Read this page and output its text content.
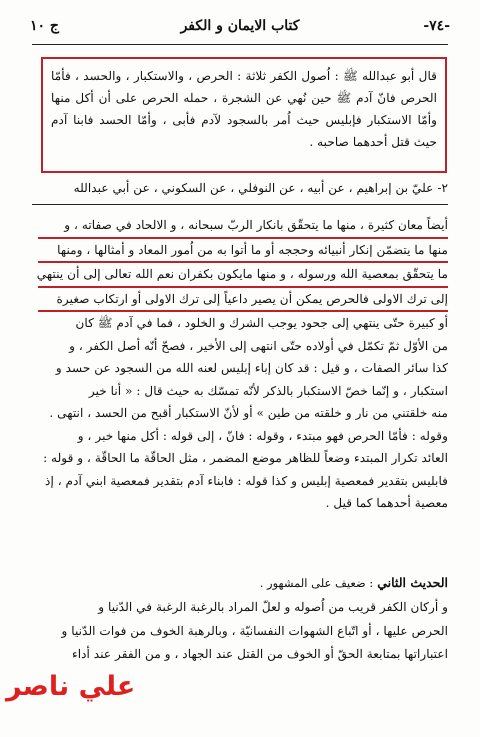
-٧٤-
كتاب الايمان و الكفر
ج ١٠
قال أبو عبدالله ﷺ : اُصول الكفر ثلاثة : الحرص ، والاستكبار ، والحسد ، فأمّا الحرص فانّ آدم ﷺ حين نُهي عن الشجرة ، حمله الحرص على أن أكل منها وأمّا الاستكبار فإبليس حيث اُمر بالسجود لآدم فأبى ، وأمّا الحسد فابنا آدم حيث قتل أحدهما صاحبه .
٢- عليّ بن إبراهيم ، عن أبيه ، عن النوفلي ، عن السكوني ، عن أبي عبدالله

أيضاً معان كثيرة ، منها ما يتحقّق بانكار الربّ سبحانه ، و الالحاد في صفاته ، و

منها ما يتضمّن إنكار أنبيائه وحججه أو ما أتوا به من اُمور المعاد و أمثالها ، ومنها

ما يتحقّق بمعصية الله ورسوله ، و منها مايكون بكفران نعم الله تعالى إلى أن ينتهي

إلى ترك الاولى فالحرص يمكن أن يصير داعياً إلى ترك الاولى أو ارتكاب صغيرة

أو كبيرة حتّى ينتهي إلى جحود يوجب الشرك و الخلود ، فما في آدم ﷺ كان

من الأوّل ثمّ تكمّل في أولاده حتّى انتهى إلى الأخير ، فصحّ أنّه أصل الكفر ، و

كذا سائر الصفات ، و قيل : قد كان إباء إبليس لعنه الله من السجود عن حسد و

استكبار ، و إنّما خصّ الاستكبار بالذكر لأنّه تمسّك به حيث قال : « أنا خير

منه خلقتني من نار و خلقته من طين » أو لأنّ الاستكبار أقبح من الحسد ، انتهى .

وقوله : فأمّا الحرص فهو مبتدء ، وقوله : فانّ ، إلى قوله : أكل منها خبر ، و

العائد تكرار المبتدء وضعاً للظاهر موضع المضمر ، مثل الحاقّة ما الحاقّة ، و قوله :

فابليس بتقدير فمعصية إبليس و كذا قوله : فابناء آدم بتقدير فمعصية ابني آدم ، إذ

معصية أحدهما كما قيل .

الحديث الثاني : ضعيف على المشهور .

و أركان الكفر قريب من اُصوله و لعلّ المراد بالرغبة الرغبة في الدّنيا و

الحرص عليها ، أو اتّباع الشهوات النفسانيّة ، وبالرهبة الخوف من فوات الدّنيا و

اعتباراتها بمتابعة الحقّ أو الخوف من القتل عند الجهاد ، و من الفقر عند أداء

علي ناصر
